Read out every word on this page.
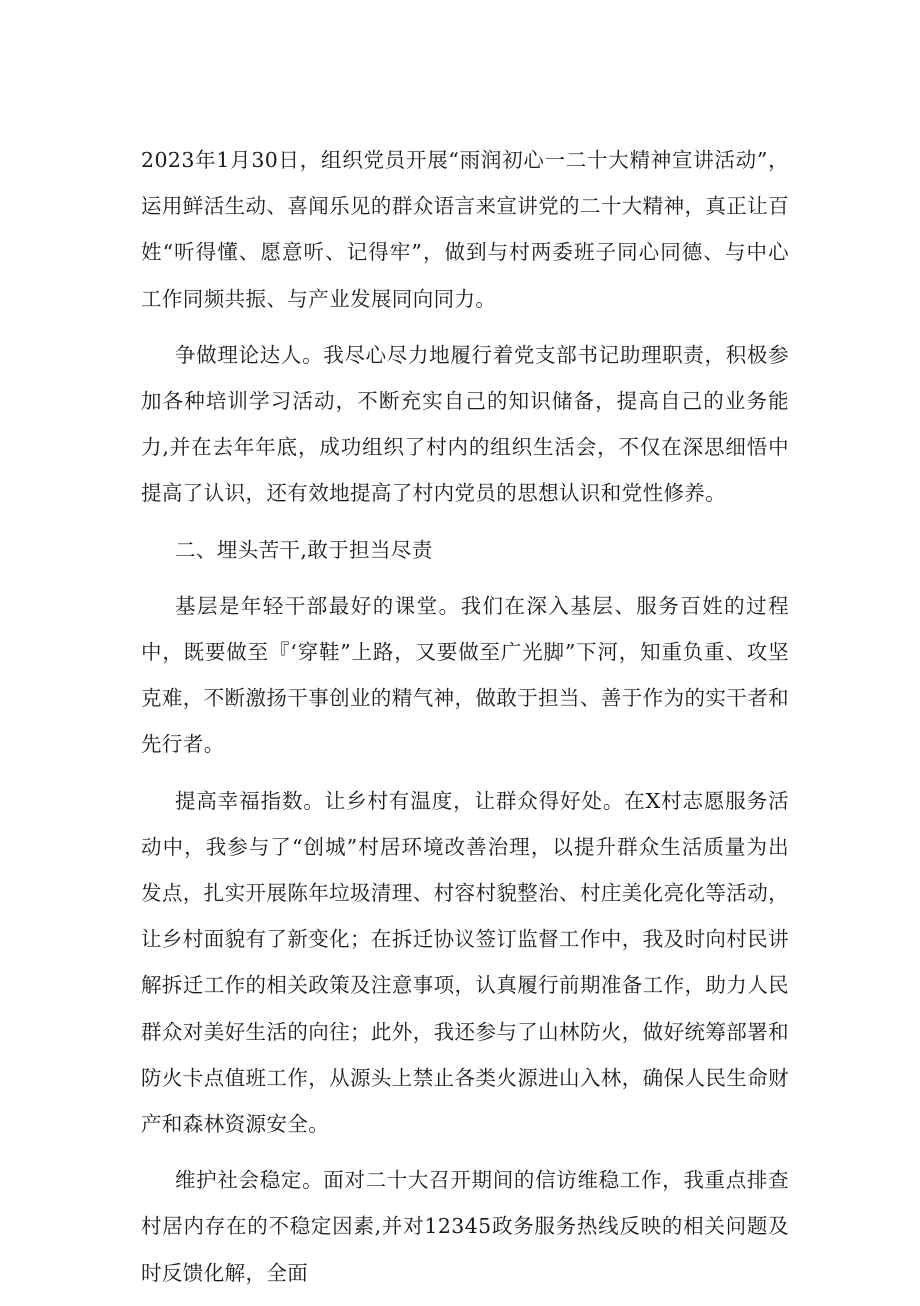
2023年1月30日，组织党员开展“雨润初心一二十大精神宣讲活动”，运用鲜活生动、喜闻乐见的群众语言来宣讲党的二十大精神，真正让百姓“听得懂、愿意听、记得牢”，做到与村两委班子同心同德、与中心工作同频共振、与产业发展同向同力。

争做理论达人。我尽心尽力地履行着党支部书记助理职责，积极参加各种培训学习活动，不断充实自己的知识储备，提高自己的业务能力,并在去年年底，成功组织了村内的组织生活会，不仅在深思细悟中提高了认识，还有效地提高了村内党员的思想认识和党性修养。

二、埋头苦干,敢于担当尽责

基层是年轻干部最好的课堂。我们在深入基层、服务百姓的过程中，既要做至『‘穿鞋”上路，又要做至广光脚”下河，知重负重、攻坚克难，不断激扬干事创业的精气神，做敢于担当、善于作为的实干者和先行者。

提高幸福指数。让乡村有温度，让群众得好处。在X村志愿服务活动中，我参与了“创城”村居环境改善治理，以提升群众生活质量为出发点，扎实开展陈年垃圾清理、村容村貌整治、村庄美化亮化等活动，让乡村面貌有了新变化；在拆迁协议签订监督工作中，我及时向村民讲解拆迁工作的相关政策及注意事项，认真履行前期准备工作，助力人民群众对美好生活的向往；此外，我还参与了山林防火，做好统筹部署和防火卡点值班工作，从源头上禁止各类火源进山入林，确保人民生命财产和森林资源安全。

维护社会稳定。面对二十大召开期间的信访维稳工作，我重点排查村居内存在的不稳定因素,并对12345政务服务热线反映的相关问题及时反馈化解，全面
